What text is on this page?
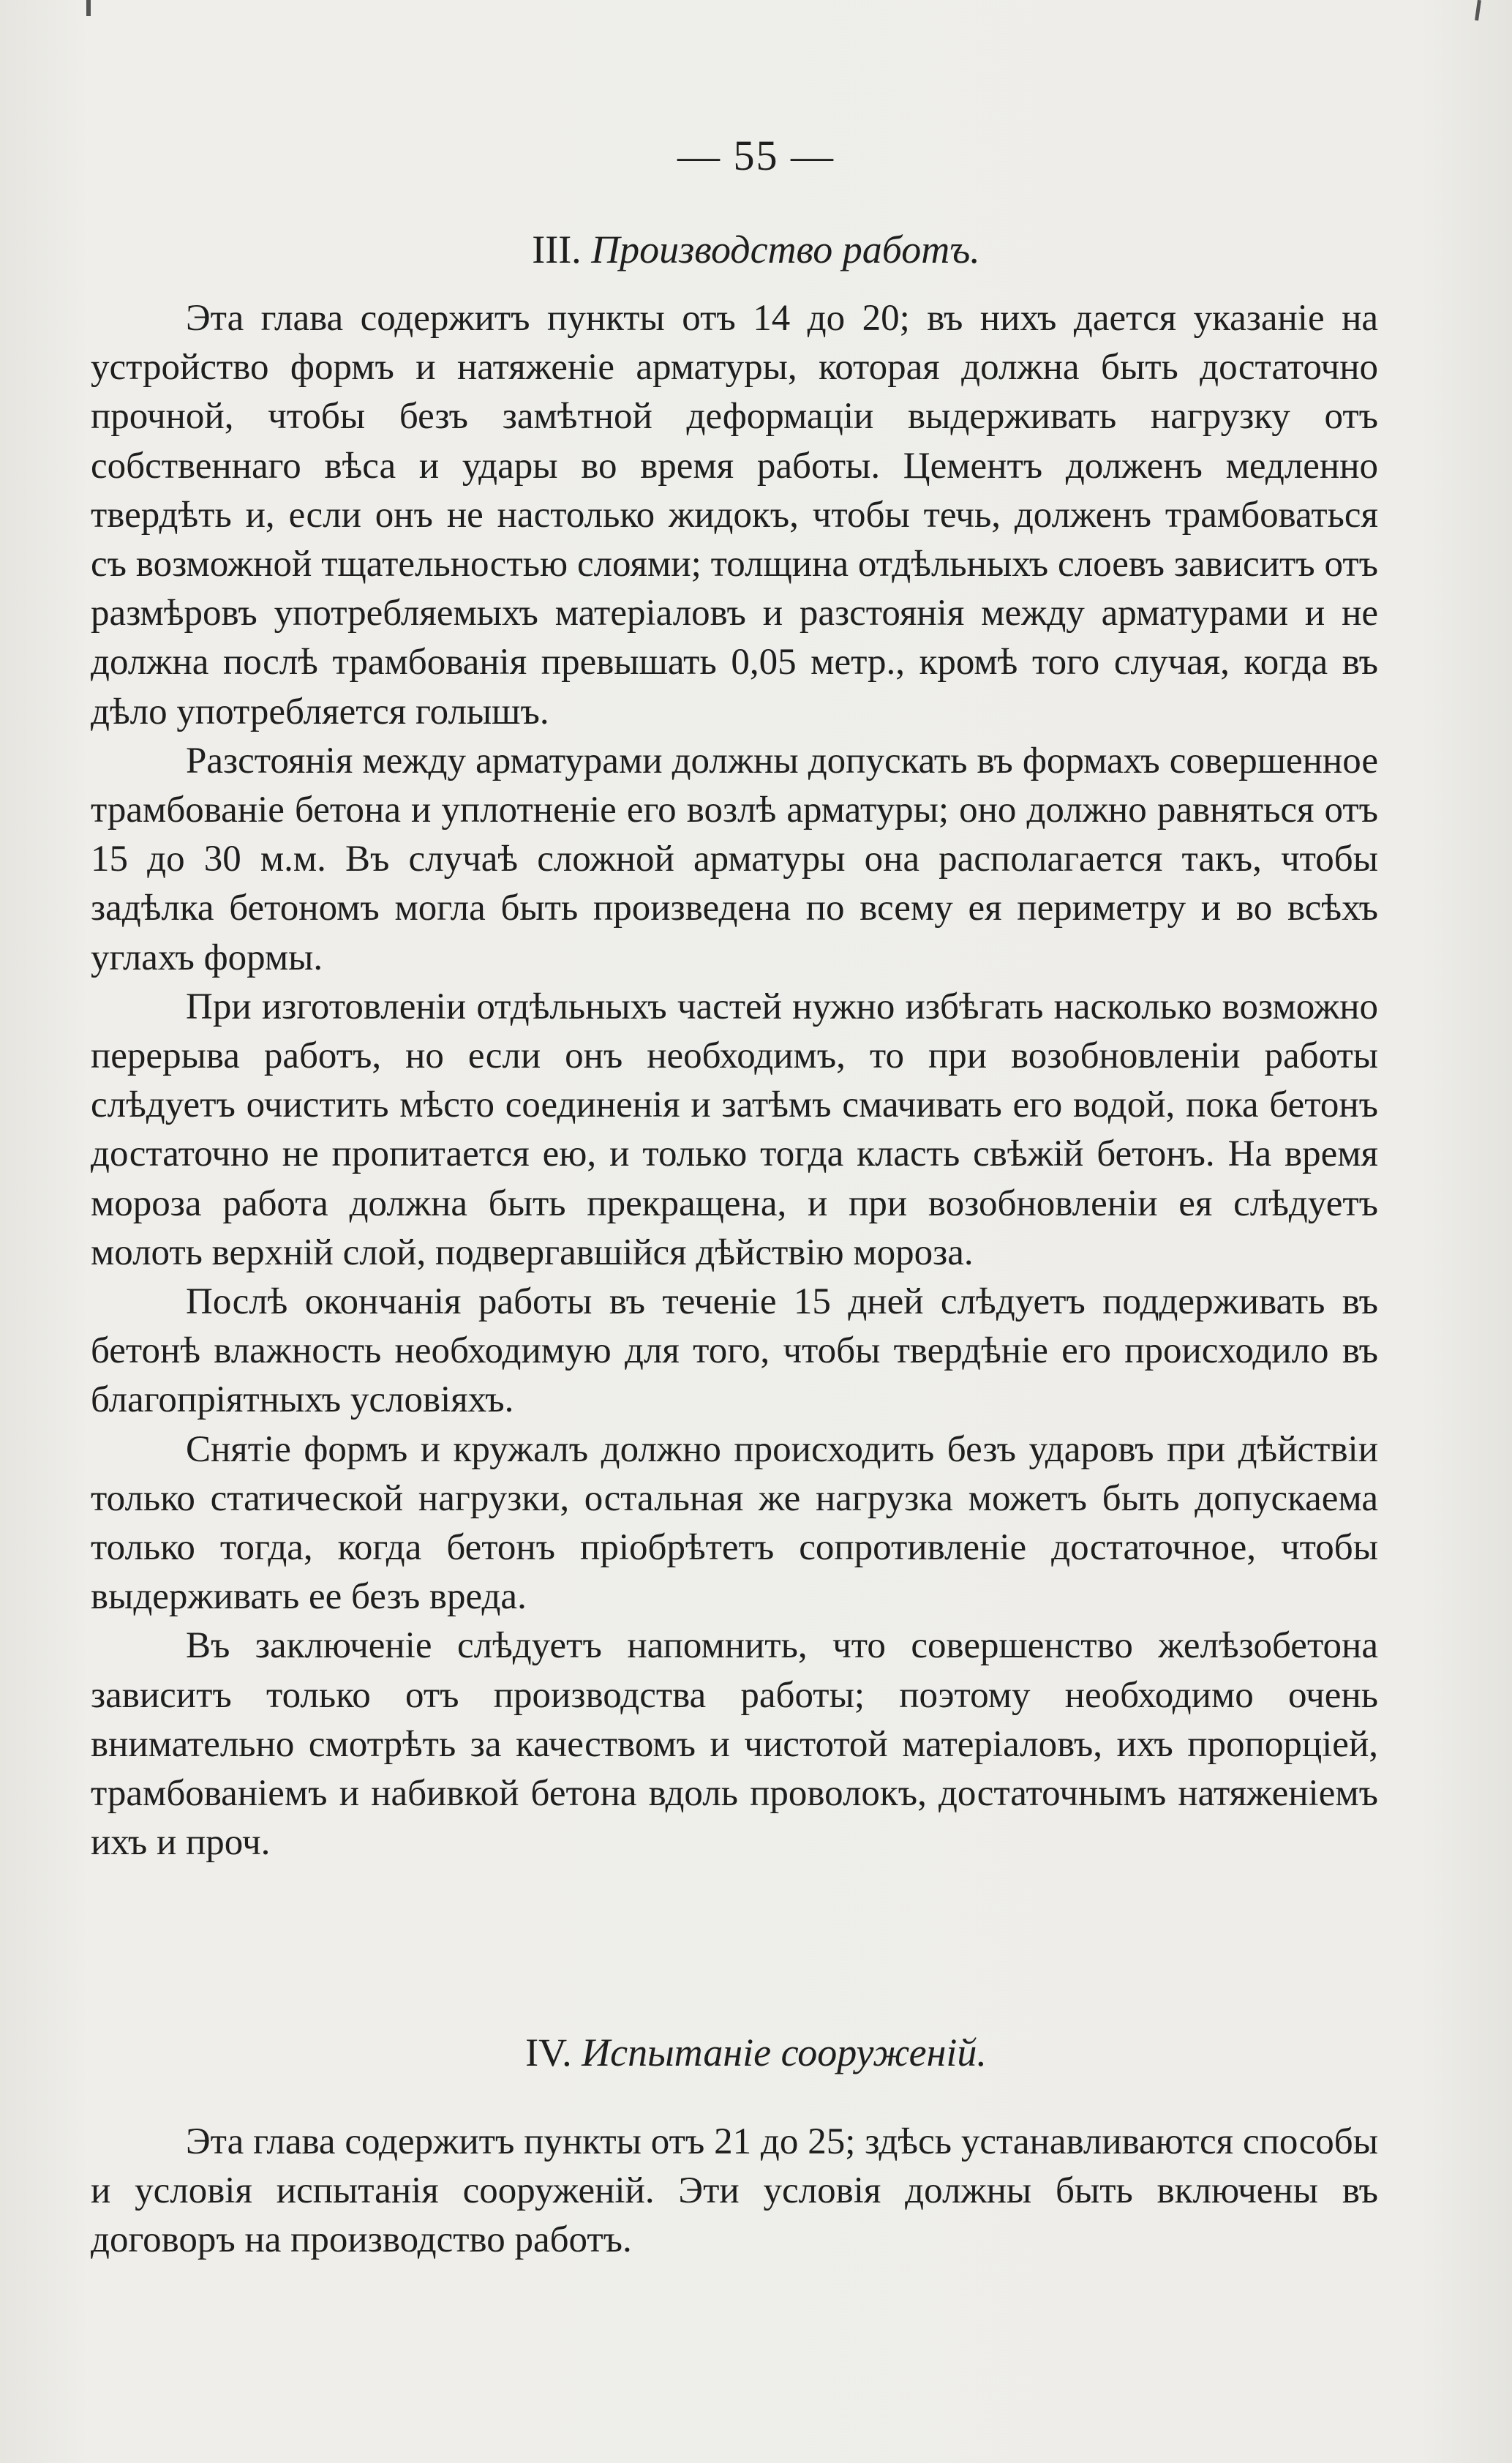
— 55 —
III. Производство работъ.

Эта глава содержитъ пункты отъ 14 до 20; въ нихъ дается указаніе на устройство формъ и натяженіе арматуры, которая должна быть достаточно прочной, чтобы безъ замѣтной деформаціи выдерживать нагрузку отъ собственнаго вѣса и удары во время работы. Цементъ долженъ медленно твердѣть и, если онъ не настолько жидокъ, чтобы течь, долженъ трамбоваться съ возможной тщательностью слоями; толщина отдѣльныхъ слоевъ зависитъ отъ размѣровъ употребляемыхъ матеріаловъ и разстоянія между арматурами и не должна послѣ трамбованія превышать 0,05 метр., кромѣ того случая, когда въ дѣло употребляется голышъ.

Разстоянія между арматурами должны допускать въ формахъ совершенное трамбованіе бетона и уплотненіе его возлѣ арматуры; оно должно равняться отъ 15 до 30 м.м. Въ случаѣ сложной арматуры она располагается такъ, чтобы задѣлка бетономъ могла быть произведена по всему ея периметру и во всѣхъ углахъ формы.

При изготовленіи отдѣльныхъ частей нужно избѣгать насколько возможно перерыва работъ, но если онъ необходимъ, то при возобновленіи работы слѣдуетъ очистить мѣсто соединенія и затѣмъ смачивать его водой, пока бетонъ достаточно не пропитается ею, и только тогда класть свѣжій бетонъ. На время мороза работа должна быть прекращена, и при возобновленіи ея слѣдуетъ молоть верхній слой, подвергавшійся дѣйствію мороза.

Послѣ окончанія работы въ теченіе 15 дней слѣдуетъ поддерживать въ бетонѣ влажность необходимую для того, чтобы твердѣніе его происходило въ благопріятныхъ условіяхъ.

Снятіе формъ и кружалъ должно происходить безъ ударовъ при дѣйствіи только статической нагрузки, остальная же нагрузка можетъ быть допускаема только тогда, когда бетонъ пріобрѣтетъ сопротивленіе достаточное, чтобы выдерживать ее безъ вреда.

Въ заключеніе слѣдуетъ напомнить, что совершенство желѣзобетона зависитъ только отъ производства работы; поэтому необходимо очень внимательно смотрѣть за качествомъ и чистотой матеріаловъ, ихъ пропорціей, трамбованіемъ и набивкой бетона вдоль проволокъ, достаточнымъ натяженіемъ ихъ и проч.

IV. Испытаніе сооруженій.

Эта глава содержитъ пункты отъ 21 до 25; здѣсь устанавливаются способы и условія испытанія сооруженій. Эти условія должны быть включены въ договоръ на производство работъ.
